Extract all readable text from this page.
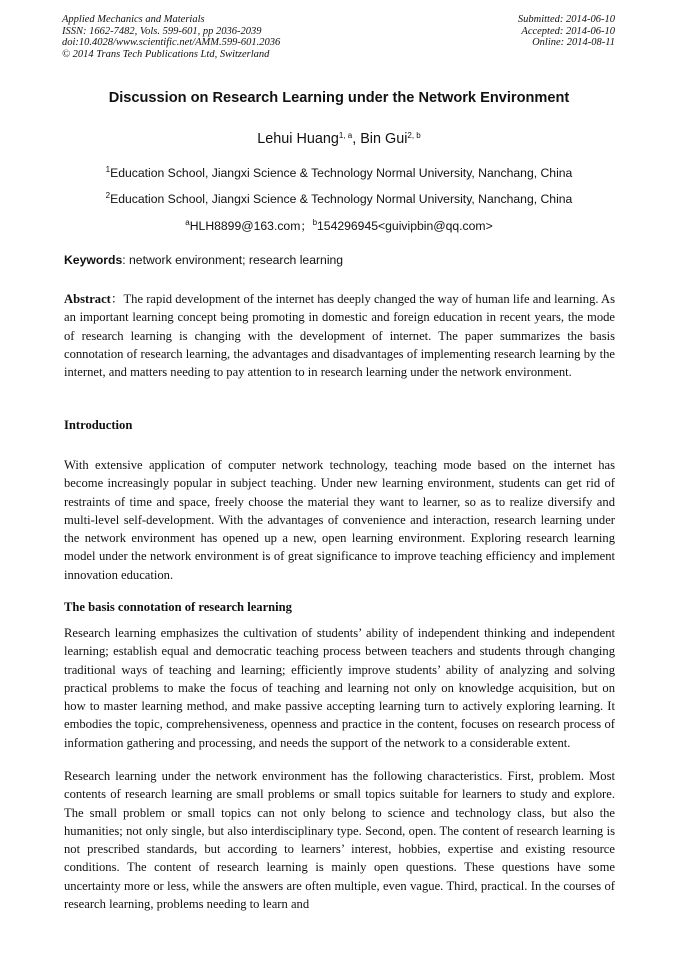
Applied Mechanics and Materials
ISSN: 1662-7482, Vols. 599-601, pp 2036-2039
doi:10.4028/www.scientific.net/AMM.599-601.2036
© 2014 Trans Tech Publications Ltd, Switzerland
Submitted: 2014-06-10
Accepted: 2014-06-10
Online: 2014-08-11
Discussion on Research Learning under the Network Environment
Lehui Huang$^{1, a}$, Bin Gui$^{2, b}$
$^1$Education School, Jiangxi Science & Technology Normal University, Nanchang, China
$^2$Education School, Jiangxi Science & Technology Normal University, Nanchang, China
$^a$HLH8899@163.com；$^b$154296945<guivipbin@qq.com>
Keywords: network environment; research learning
Abstract：The rapid development of the internet has deeply changed the way of human life and learning. As an important learning concept being promoting in domestic and foreign education in recent years, the mode of research learning is changing with the development of internet. The paper summarizes the basis connotation of research learning, the advantages and disadvantages of implementing research learning by the internet, and matters needing to pay attention to in research learning under the network environment.
Introduction
With extensive application of computer network technology, teaching mode based on the internet has become increasingly popular in subject teaching. Under new learning environment, students can get rid of restraints of time and space, freely choose the material they want to learner, so as to realize diversify and multi-level self-development. With the advantages of convenience and interaction, research learning under the network environment has opened up a new, open learning environment. Exploring research learning model under the network environment is of great significance to improve teaching efficiency and implement innovation education.
The basis connotation of research learning
Research learning emphasizes the cultivation of students’ ability of independent thinking and independent learning; establish equal and democratic teaching process between teachers and students through changing traditional ways of teaching and learning; efficiently improve students’ ability of analyzing and solving practical problems to make the focus of teaching and learning not only on knowledge acquisition, but on how to master learning method, and make passive accepting learning turn to actively exploring learning. It embodies the topic, comprehensiveness, openness and practice in the content, focuses on research process of information gathering and processing, and needs the support of the network to a considerable extent.
Research learning under the network environment has the following characteristics. First, problem. Most contents of research learning are small problems or small topics suitable for learners to study and explore. The small problem or small topics can not only belong to science and technology class, but also the humanities; not only single, but also interdisciplinary type. Second, open. The content of research learning is not prescribed standards, but according to learners’ interest, hobbies, expertise and existing resource conditions. The content of research learning is mainly open questions. These questions have some uncertainty more or less, while the answers are often multiple, even vague. Third, practical. In the courses of research learning, problems needing to learn and
